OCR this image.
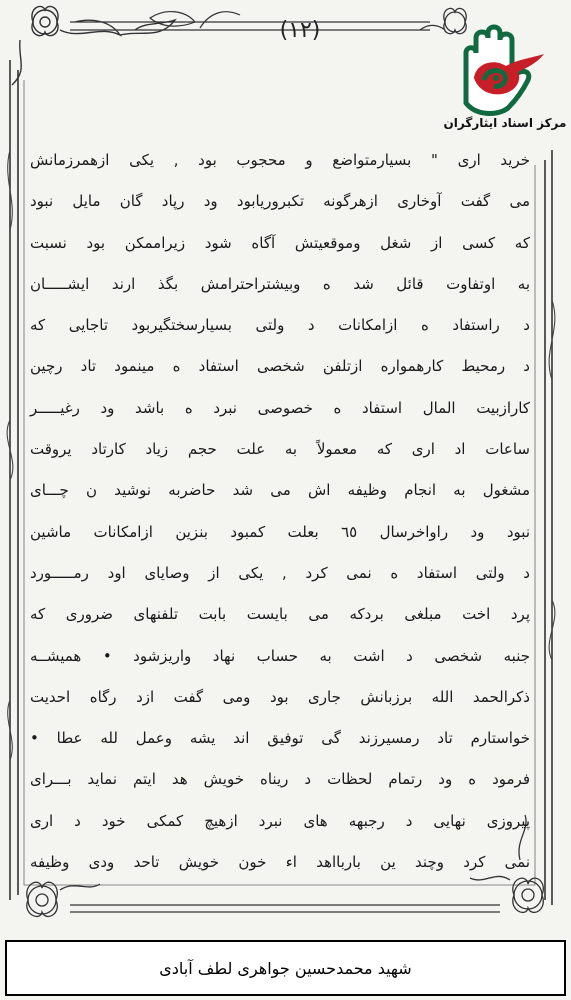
(۱۲)
مرکز اسناد ایثارگران
خرید اری " بسیارمتواضع و محجوب بود , یکی ازهمرزمانش
می گفت آوخاری ازهرگونه تکبروریابود ود رپاد گان مایل نبود
که کسی از شغل وموقعیتش آگاه شود زیراممکن بود نسبت
به اوتفاوت قائل شد ه وبیشتراحترامش بگذ ارند ایشـــــان
د راستفاد ه ازامکانات د ولتی بسیارسختگیربود تاجایی که
د رمحیط کارهمواره ازتلفن شخصی استفاد ه مینمود تاد رچین
کارازبیت المال استفاد ه خصوصی نبرد ه باشد ود رغیـــــر
ساعات اد اری که معمولاً به علت حجم زیاد کارتاد یروقت
مشغول به انجام وظیفه اش می شد حاضربه نوشید ن چـــای
نبود ود راواخرسال ٦٥ بعلت کمبود بنزین ازامکانات ماشین
د ولتی استفاد ه نمی کرد , یکی از وصایای اود رمـــــورد
پرد اخت مبلغی بردکه می بایست بابت تلفنهای ضروری که
جنبه شخصی د اشت به حساب نهاد واریزشود • همیشــه
ذکرالحمد الله برزبانش جاری بود ومی گفت ازد رگاه احدیت
خواستارم تاد رمسیرزند گی توفیق اند یشه وعمل لله عطا •
فرمود ه ود رتمام لحظات د ریناه خویش هد ایتم نماید بـــرای
پیروزی نهایی د رجبهه های نبرد ازهیچ کمکی خود د اری
نمی کرد وچند ین باربااهد اء خون خویش تاحد ودی وظیفه
شهید محمدحسین جواهری لطف آبادی
